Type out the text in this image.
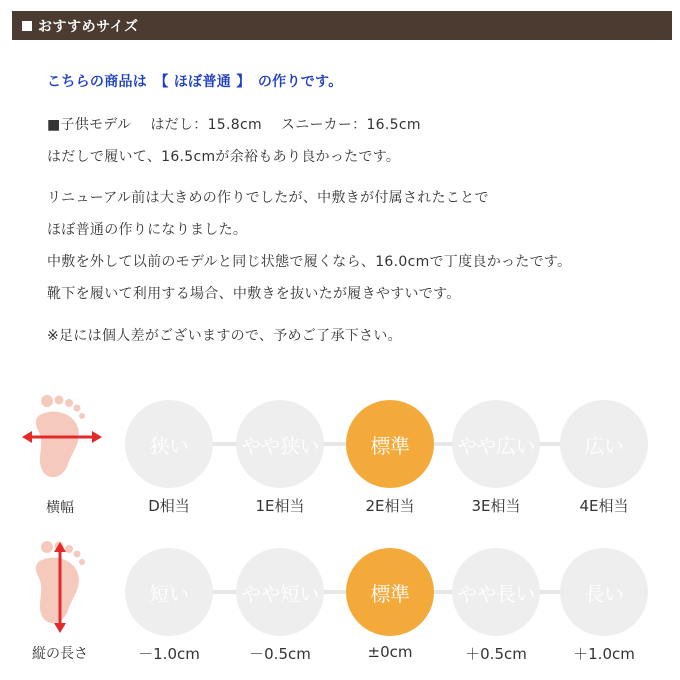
おすすめサイズ
こちらの商品は　【 ほぼ普通 】　の作りです。
■子供モデル　 はだし：15.8cm　 スニーカー：16.5cm
はだしで履いて、16.5cmが余裕もあり良かったです。
リニューアル前は大きめの作りでしたが、中敷きが付属されたことで
ほぼ普通の作りになりました。
中敷を外して以前のモデルと同じ状態で履くなら、16.0cmで丁度良かったです。
靴下を履いて利用する場合、中敷きを抜いたが履きやすいです。
※足には個人差がございますので、予めご了承下さい。
横幅
狭い	やや狭い	標準	やや広い	広い
D相当	1E相当	2E相当	3E相当	4E相当
縦の長さ
短い	やや短い	標準	やや長い	長い
－1.0cm	－0.5cm	±0cm	＋0.5cm	＋1.0cm
